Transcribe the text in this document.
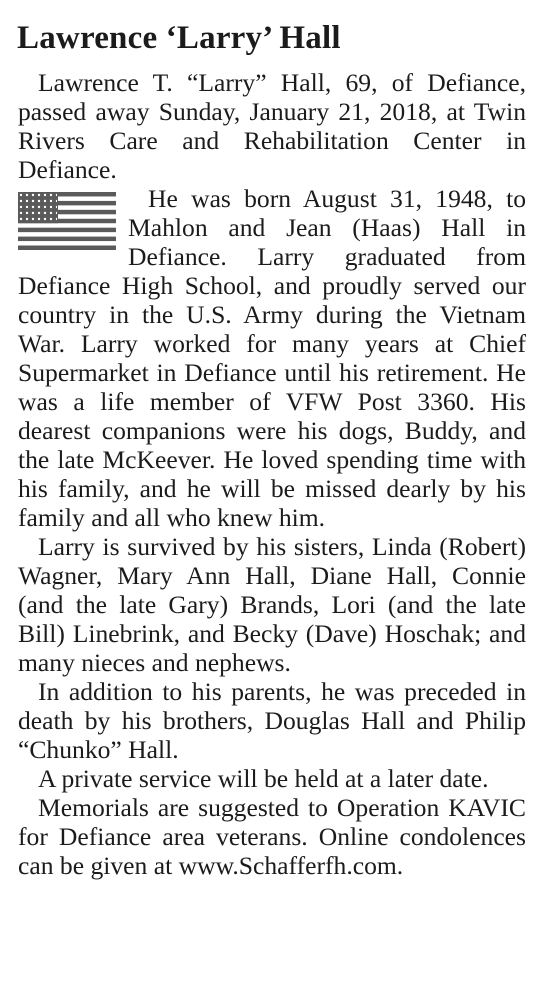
Lawrence ‘Larry’ Hall

Lawrence T. “Larry” Hall, 69, of Defiance, passed away Sunday, January 21, 2018, at Twin Rivers Care and Rehabilitation Center in Defiance.

He was born August 31, 1948, to Mahlon and Jean (Haas) Hall in Defiance. Larry graduated from Defiance High School, and proudly served our country in the U.S. Army during the Vietnam War. Larry worked for many years at Chief Supermarket in Defiance until his retirement. He was a life member of VFW Post 3360. His dearest companions were his dogs, Buddy, and the late McKeever. He loved spending time with his family, and he will be missed dearly by his family and all who knew him.

Larry is survived by his sisters, Linda (Robert) Wagner, Mary Ann Hall, Diane Hall, Connie (and the late Gary) Brands, Lori (and the late Bill) Linebrink, and Becky (Dave) Hoschak; and many nieces and nephews.

In addition to his parents, he was preceded in death by his brothers, Douglas Hall and Philip “Chunko” Hall.

A private service will be held at a later date.

Memorials are suggested to Operation KAVIC for Defiance area veterans. Online condolences can be given at www.Schafferfh.​com.
